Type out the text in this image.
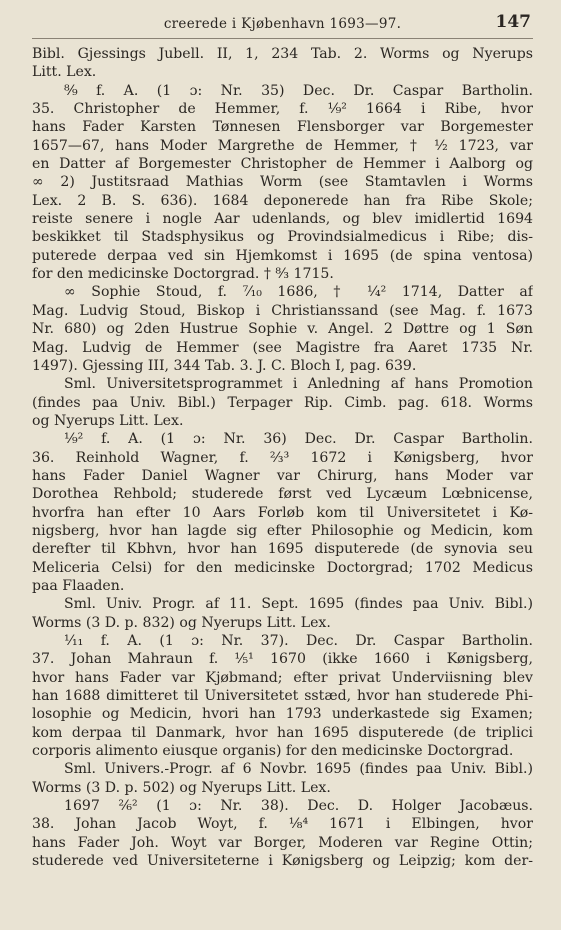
creerede i Kjøbenhavn 1693—97.	147

Bibl. Gjessings Jubell. II, 1, 234 Tab. 2. Worms og Nyerups

Litt. Lex.

⁸⁄₉ f. A. (1 ɔ: Nr. 35) Dec. Dr. Caspar Bartholin.

35. Christopher de Hemmer, f. ¹⁄₉² 1664 i Ribe, hvor

hans Fader Karsten Tønnesen Flensborger var Borgemester

1657—67, hans Moder Margrethe de Hemmer, † ¹⁄₂ 1723, var

en Datter af Borgemester Christopher de Hemmer i Aalborg og

∞ 2) Justitsraad Mathias Worm (see Stamtavlen i Worms

Lex. 2 B. S. 636). 1684 deponerede han fra Ribe Skole;

reiste senere i nogle Aar udenlands, og blev imidlertid 1694

beskikket til Stadsphysikus og Provindsialmedicus i Ribe; dis-

puterede derpaa ved sin Hjemkomst i 1695 (de spina ventosa)

for den medicinske Doctorgrad. † ⁸⁄₃ 1715.

∞ Sophie Stoud, f. ⁷⁄₁₀ 1686, † ¹⁄₄² 1714, Datter af

Mag. Ludvig Stoud, Biskop i Christianssand (see Mag. f. 1673

Nr. 680) og 2den Hustrue Sophie v. Angel. 2 Døttre og 1 Søn

Mag. Ludvig de Hemmer (see Magistre fra Aaret 1735 Nr.

1497). Gjessing III, 344 Tab. 3. J. C. Bloch I, pag. 639.

Sml. Universitetsprogrammet i Anledning af hans Promotion

(findes paa Univ. Bibl.) Terpager Rip. Cimb. pag. 618. Worms

og Nyerups Litt. Lex.

¹⁄₉² f. A. (1 ɔ: Nr. 36) Dec. Dr. Caspar Bartholin.

36. Reinhold Wagner, f. ²⁄₃³ 1672 i Kønigsberg, hvor

hans Fader Daniel Wagner var Chirurg, hans Moder var

Dorothea Rehbold; studerede først ved Lycæum Lœbnicense,

hvorfra han efter 10 Aars Forløb kom til Universitetet i Kø-

nigsberg, hvor han lagde sig efter Philosophie og Medicin, kom

derefter til Kbhvn, hvor han 1695 disputerede (de synovia seu

Meliceria Celsi) for den medicinske Doctorgrad; 1702 Medicus

paa Flaaden.

Sml. Univ. Progr. af 11. Sept. 1695 (findes paa Univ. Bibl.)

Worms (3 D. p. 832) og Nyerups Litt. Lex.

¹⁄₁₁ f. A. (1 ɔ: Nr. 37). Dec. Dr. Caspar Bartholin.

37. Johan Mahraun f. ¹⁄₅¹ 1670 (ikke 1660 i Kønigsberg,

hvor hans Fader var Kjøbmand; efter privat Underviisning blev

han 1688 dimitteret til Universitetet sstæd, hvor han studerede Phi-

losophie og Medicin, hvori han 1793 underkastede sig Examen;

kom derpaa til Danmark, hvor han 1695 disputerede (de triplici

corporis alimento eiusque organis) for den medicinske Doctorgrad.

Sml. Univers.-Progr. af 6 Novbr. 1695 (findes paa Univ. Bibl.)

Worms (3 D. p. 502) og Nyerups Litt. Lex.

1697 ²⁄₆² (1 ɔ: Nr. 38). Dec. D. Holger Jacobæus.

38. Johan Jacob Woyt, f. ¹⁄₈⁴ 1671 i Elbingen, hvor

hans Fader Joh. Woyt var Borger, Moderen var Regine Ottin;

studerede ved Universiteterne i Kønigsberg og Leipzig; kom der-
